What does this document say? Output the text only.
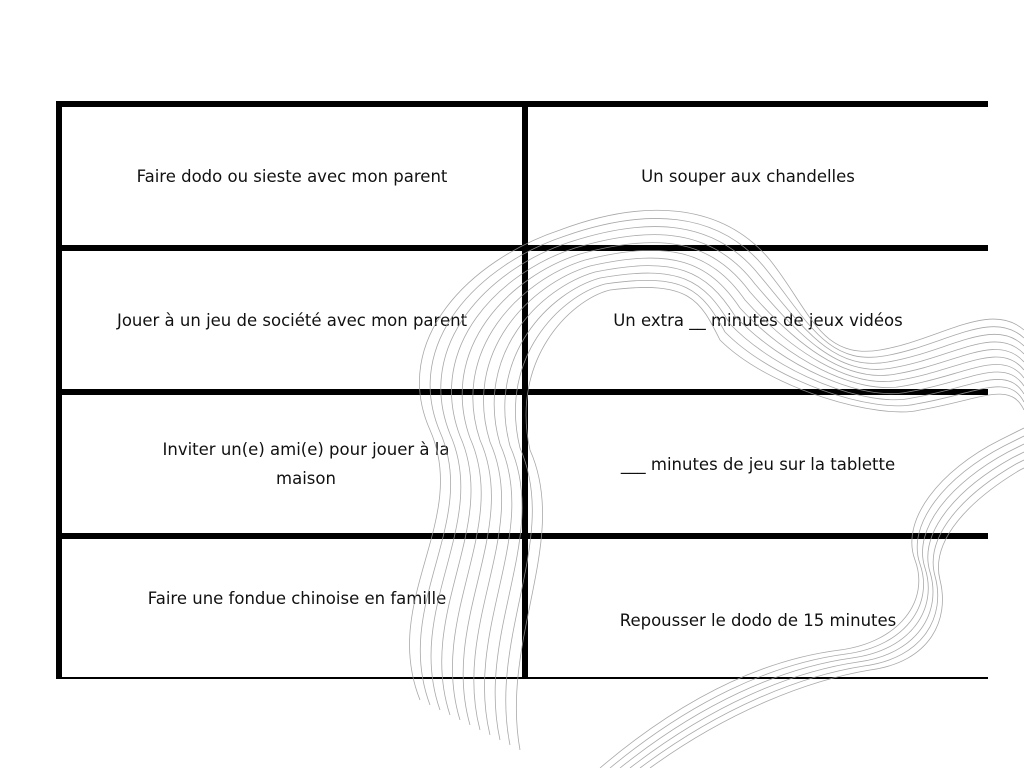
Faire dodo ou sieste avec mon parent	Un souper aux chandelles
Jouer à un jeu de société avec mon parent	Un extra __ minutes de jeux vidéos
Inviter un(e) ami(e) pour jouer à la maison
___ minutes de jeu sur la tablette
Faire une fondue chinoise en famille
Repousser le dodo de 15 minutes
